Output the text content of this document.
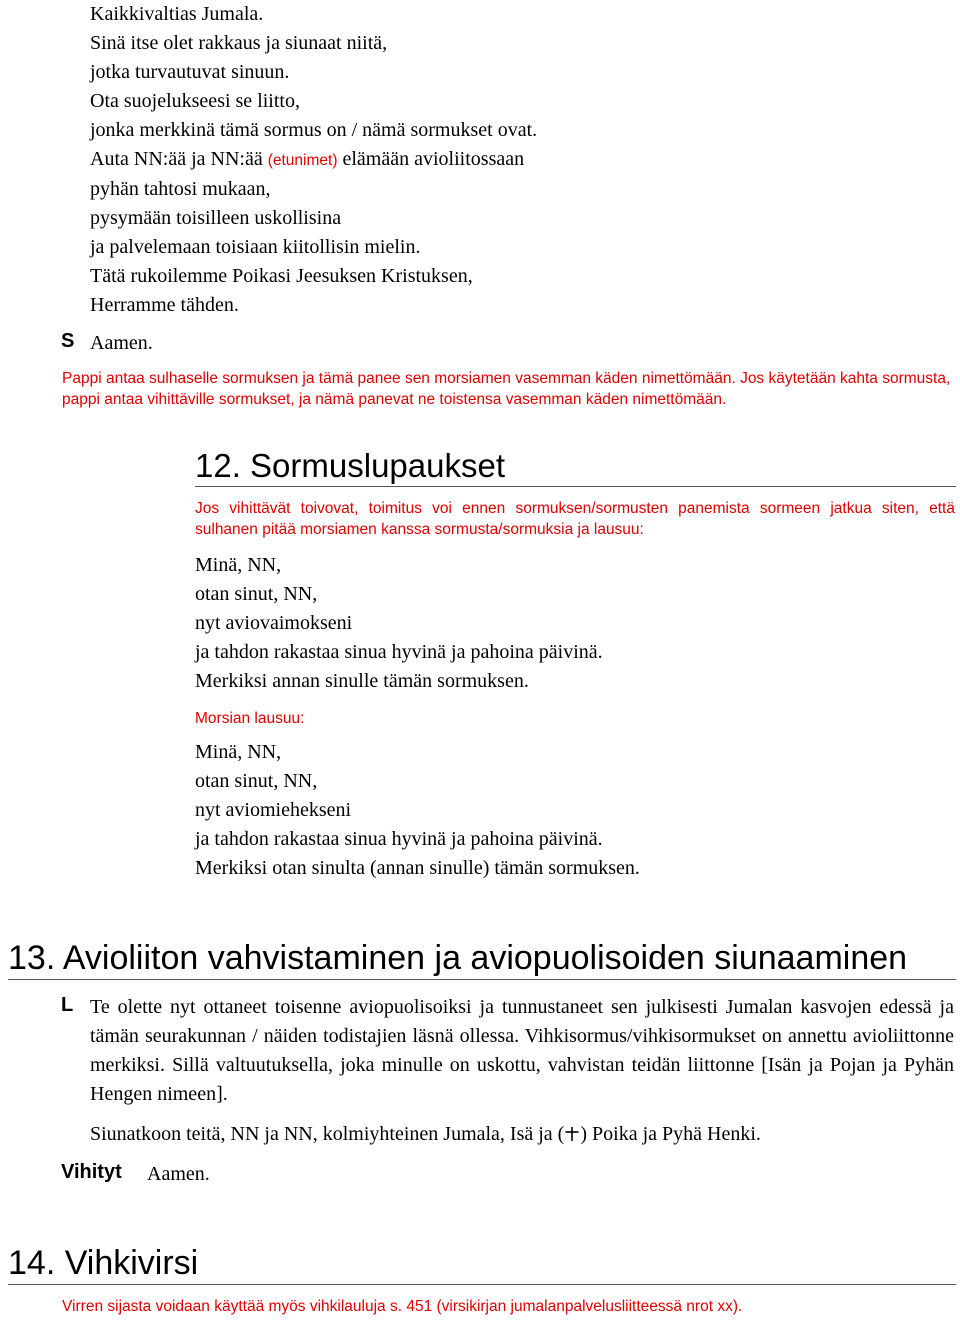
Kaikkivaltias Jumala.
Sinä itse olet rakkaus ja siunaat niitä,
jotka turvautuvat sinuun.
Ota suojelukseesi se liitto,
jonka merkkinä tämä sormus on / nämä sormukset ovat.
Auta NN:ää ja NN:ää (etunimet) elämään avioliitossaan
pyhän tahtosi mukaan,
pysymään toisilleen uskollisina
ja palvelemaan toisiaan kiitollisin mielin.
Tätä rukoilemme Poikasi Jeesuksen Kristuksen,
Herramme tähden.
S Aamen.
Pappi antaa sulhaselle sormuksen ja tämä panee sen morsiamen vasemman käden nimettömään. Jos käytetään kahta sormusta, pappi antaa vihittäville sormukset, ja nämä panevat ne toistensa vasemman käden nimettömään.
12. Sormuslupaukset
Jos vihittävät toivovat, toimitus voi ennen sormuksen/sormusten panemista sormeen jatkua siten, että sulhanen pitää morsiamen kanssa sormusta/sormuksia ja lausuu:
Minä, NN,
otan sinut, NN,
nyt aviovaimokseni
ja tahdon rakastaa sinua hyvinä ja pahoina päivinä.
Merkiksi annan sinulle tämän sormuksen.
Morsian lausuu:
Minä, NN,
otan sinut, NN,
nyt aviomiehekseni
ja tahdon rakastaa sinua hyvinä ja pahoina päivinä.
Merkiksi otan sinulta (annan sinulle) tämän sormuksen.
13. Avioliiton vahvistaminen ja aviopuolisoiden siunaaminen
L Te olette nyt ottaneet toisenne aviopuolisoiksi ja tunnustaneet sen julkisesti Jumalan kasvojen edessä ja tämän seurakunnan / näiden todistajien läsnä ollessa. Vihkisormus/vihkisormukset on annettu avioliittonne merkiksi. Sillä valtuutuksella, joka minulle on uskottu, vahvistan teidän liittonne [Isän ja Pojan ja Pyhän Hengen nimeen].
Siunatkoon teitä, NN ja NN, kolmiyhteinen Jumala, Isä ja ( ) Poika ja Pyhä Henki.
Vihityt Aamen.
14. Vihkivirsi
Virren sijasta voidaan käyttää myös vihkilauluja s. 451 (virsikirjan jumalanpalvelusliitteessä nrot xx).
